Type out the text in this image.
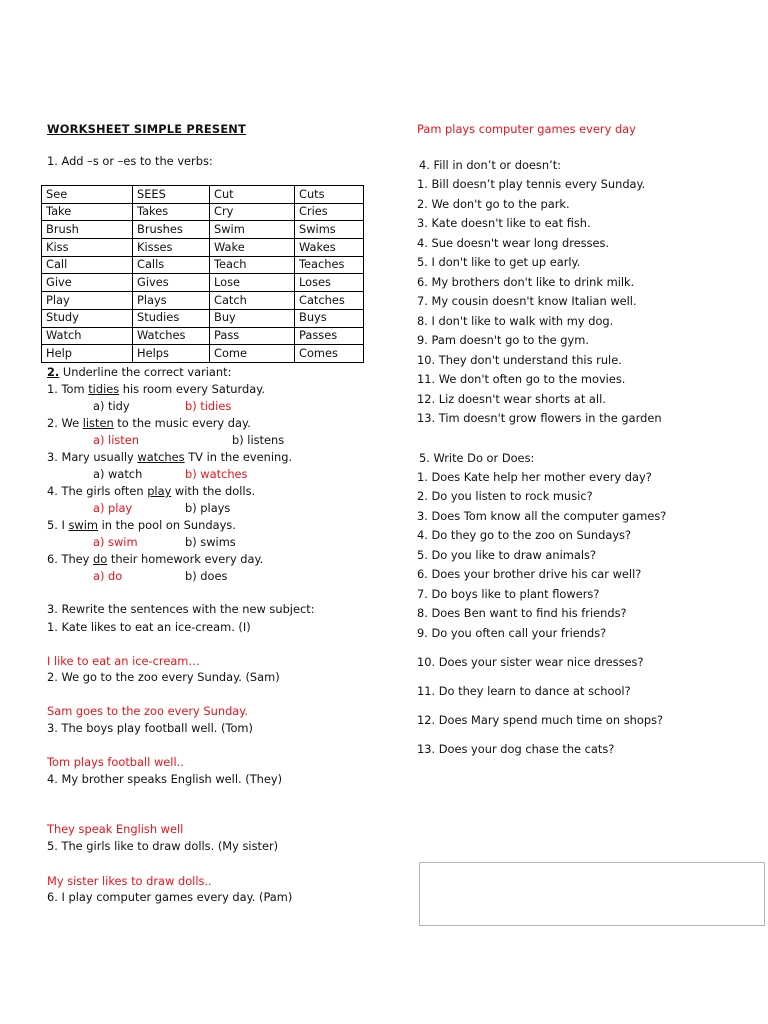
WORKSHEET SIMPLE PRESENT
1. Add –s or –es to the verbs:
See	SEES	Cut	Cuts
Take	Takes	Cry	Cries
Brush	Brushes	Swim	Swims
Kiss	Kisses	Wake	Wakes
Call	Calls	Teach	Teaches
Give	Gives	Lose	Loses
Play	Plays	Catch	Catches
Study	Studies	Buy	Buys
Watch	Watches	Pass	Passes
Help	Helps	Come	Comes
2. Underline the correct variant:
1. Tom tidies his room every Saturday.
a) tidy	b) tidies
2. We listen to the music every day.
a) listen	b) listens
3. Mary usually watches TV in the evening.
a) watch	b) watches
4. The girls often play with the dolls.
a) play	b) plays
5. I swim in the pool on Sundays.
a) swim	b) swims
6. They do their homework every day.
a) do	b) does
3. Rewrite the sentences with the new subject:
1. Kate likes to eat an ice-cream. (I)
I like to eat an ice-cream…
2. We go to the zoo every Sunday. (Sam)
Sam goes to the zoo every Sunday.
3. The boys play football well. (Tom)
Tom plays football well..
4. My brother speaks English well. (They)
They speak English well
5. The girls like to draw dolls. (My sister)
My sister likes to draw dolls..
6. I play computer games every day. (Pam)
Pam plays computer games every day
4. Fill in don’t or doesn’t:
1. Bill doesn’t play tennis every Sunday.
2. We don't go to the park.
3. Kate doesn't like to eat fish.
4. Sue doesn't wear long dresses.
5. I don't like to get up early.
6. My brothers don't like to drink milk.
7. My cousin doesn't know Italian well.
8. I don't like to walk with my dog.
9. Pam doesn't go to the gym.
10. They don't understand this rule.
11. We don't often go to the movies.
12. Liz doesn't wear shorts at all.
13. Tim doesn't grow flowers in the garden
5. Write Do or Does:
1. Does Kate help her mother every day?
2. Do you listen to rock music?
3. Does Tom know all the computer games?
4. Do they go to the zoo on Sundays?
5. Do you like to draw animals?
6. Does your brother drive his car well?
7. Do boys like to plant flowers?
8. Does Ben want to find his friends?
9. Do you often call your friends?
10. Does your sister wear nice dresses?
11. Do they learn to dance at school?
12. Does Mary spend much time on shops?
13. Does your dog chase the cats?
